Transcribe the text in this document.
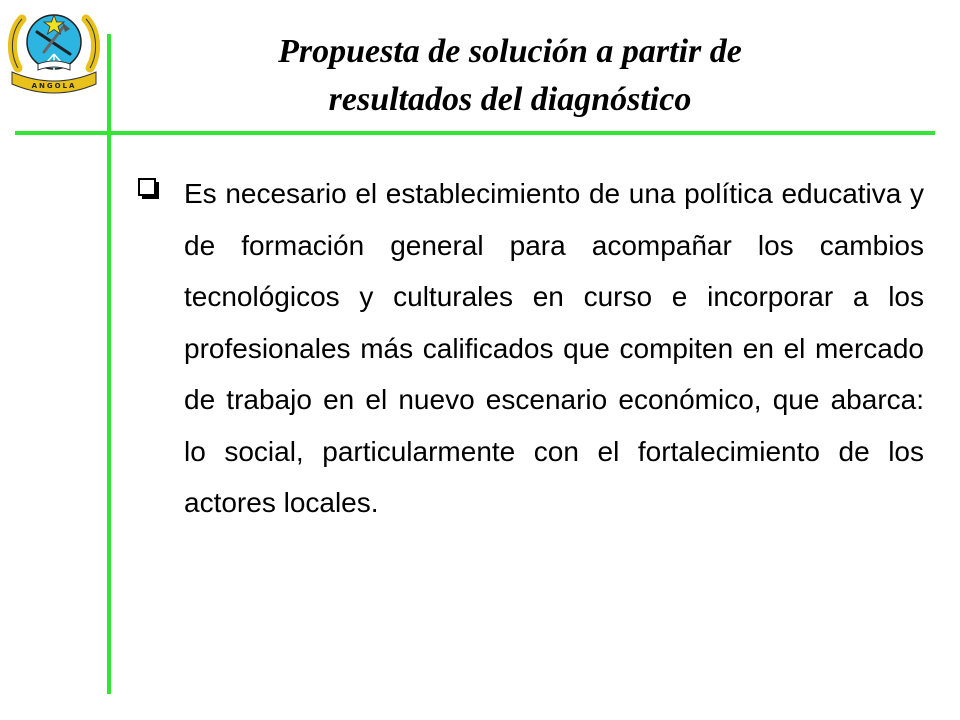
ANGOLA
Propuesta de solución a partir de
resultados del diagnóstico

Es necesario el establecimiento de una política educativa y de formación general para acompañar los cambios tecnológicos y culturales en curso e incorporar a los profesionales más calificados que compiten en el mercado de trabajo en el nuevo escenario económico, que abarca: lo social, particularmente con el fortalecimiento de los actores locales.
